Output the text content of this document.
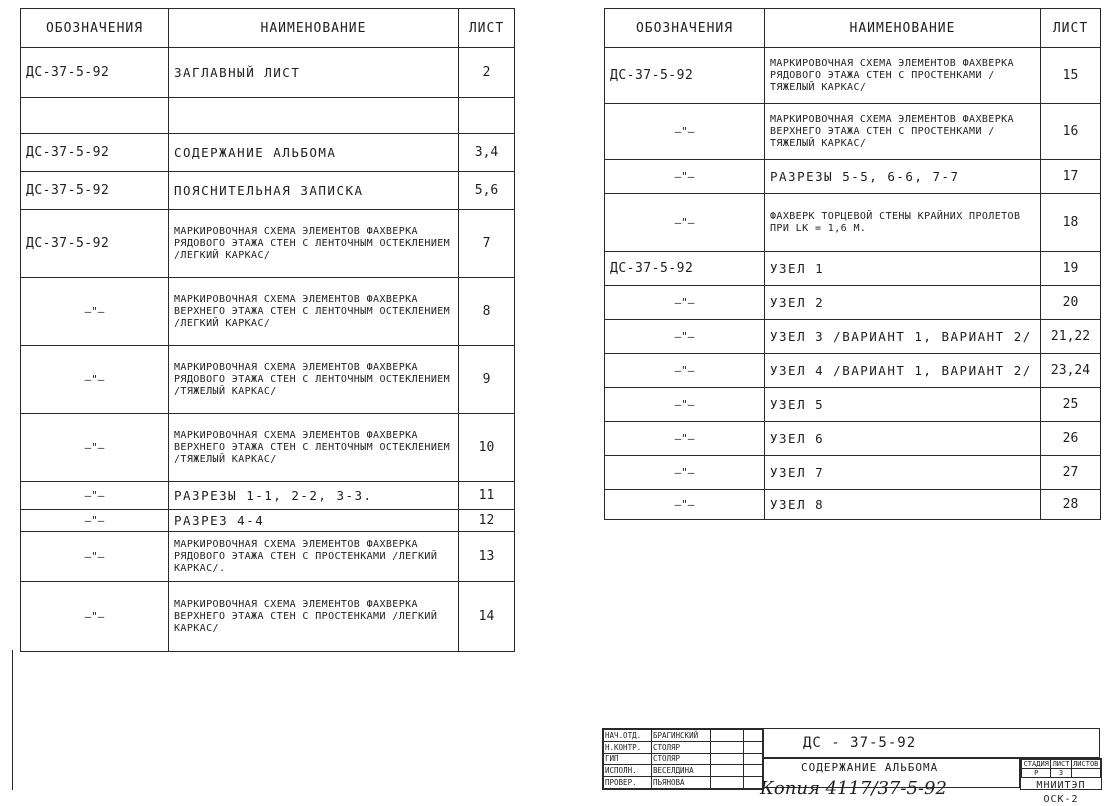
ОБОЗНАЧЕНИЯ	НАИМЕНОВАНИЕ	ЛИСТ
ДС-37-5-92	ЗАГЛАВНЫЙ ЛИСТ	2

ДС-37-5-92	СОДЕРЖАНИЕ АЛЬБОМА	3,4
ДС-37-5-92	ПОЯСНИТЕЛЬНАЯ ЗАПИСКА	5,6
ДС-37-5-92	МАРКИРОВОЧНАЯ СХЕМА ЭЛЕМЕНТОВ ФАХВЕРКА РЯДОВОГО ЭТАЖА СТЕН С ЛЕНТОЧНЫМ ОСТЕКЛЕНИЕМ /ЛЕГКИЙ КАРКАС/	7
—"—	МАРКИРОВОЧНАЯ СХЕМА ЭЛЕМЕНТОВ ФАХВЕРКА ВЕРХНЕГО ЭТАЖА СТЕН С ЛЕНТОЧНЫМ ОСТЕКЛЕНИЕМ /ЛЕГКИЙ КАРКАС/	8
—"—	МАРКИРОВОЧНАЯ СХЕМА ЭЛЕМЕНТОВ ФАХВЕРКА РЯДОВОГО ЭТАЖА СТЕН С ЛЕНТОЧНЫМ ОСТЕКЛЕНИЕМ /ТЯЖЕЛЫЙ КАРКАС/	9
—"—	МАРКИРОВОЧНАЯ СХЕМА ЭЛЕМЕНТОВ ФАХВЕРКА ВЕРХНЕГО ЭТАЖА СТЕН С ЛЕНТОЧНЫМ ОСТЕКЛЕНИЕМ /ТЯЖЕЛЫЙ КАРКАС/	10
—"—	РАЗРЕЗЫ 1-1, 2-2, 3-3.	11
—"—	РАЗРЕЗ 4-4	12
—"—	МАРКИРОВОЧНАЯ СХЕМА ЭЛЕМЕНТОВ ФАХВЕРКА РЯДОВОГО ЭТАЖА СТЕН С ПРОСТЕНКАМИ /ЛЕГКИЙ КАРКАС/.	13
—"—	МАРКИРОВОЧНАЯ СХЕМА ЭЛЕМЕНТОВ ФАХВЕРКА ВЕРХНЕГО ЭТАЖА СТЕН С ПРОСТЕНКАМИ /ЛЕГКИЙ КАРКАС/	14
ОБОЗНАЧЕНИЯ	НАИМЕНОВАНИЕ	ЛИСТ
ДС-37-5-92	МАРКИРОВОЧНАЯ СХЕМА ЭЛЕМЕНТОВ ФАХВЕРКА РЯДОВОГО ЭТАЖА СТЕН С ПРОСТЕНКАМИ /ТЯЖЕЛЫЙ КАРКАС/	15
—"—	МАРКИРОВОЧНАЯ СХЕМА ЭЛЕМЕНТОВ ФАХВЕРКА ВЕРХНЕГО ЭТАЖА СТЕН С ПРОСТЕНКАМИ /ТЯЖЕЛЫЙ КАРКАС/	16
—"—	РАЗРЕЗЫ 5-5, 6-6, 7-7	17
—"—	ФАХВЕРК ТОРЦЕВОЙ СТЕНЫ КРАЙНИХ ПРОЛЕТОВ ПРИ LК = 1,6 М.	18
ДС-37-5-92	УЗЕЛ 1	19
—"—	УЗЕЛ 2	20
—"—	УЗЕЛ 3 /ВАРИАНТ 1, ВАРИАНТ 2/	21,22
—"—	УЗЕЛ 4 /ВАРИАНТ 1, ВАРИАНТ 2/	23,24
—"—	УЗЕЛ 5	25
—"—	УЗЕЛ 6	26
—"—	УЗЕЛ 7	27
—"—	УЗЕЛ 8	28
НАЧ.ОТД.	БРАГИНСКИЙ		
Н.КОНТР.	СТОЛЯР		
ГИП	СТОЛЯР		
ИСПОЛН.	ВЕСЕЛДИНА		
ПРОВЕР.	ПЬЯНОВА		
ДС - 37-5-92
СОДЕРЖАНИЕ АЛЬБОМА	СТАДИЯ	ЛИСТ	ЛИСТОВ
Р	3	
МНИИТЭП
ОСК-2
Копия 4117/37-5-92
